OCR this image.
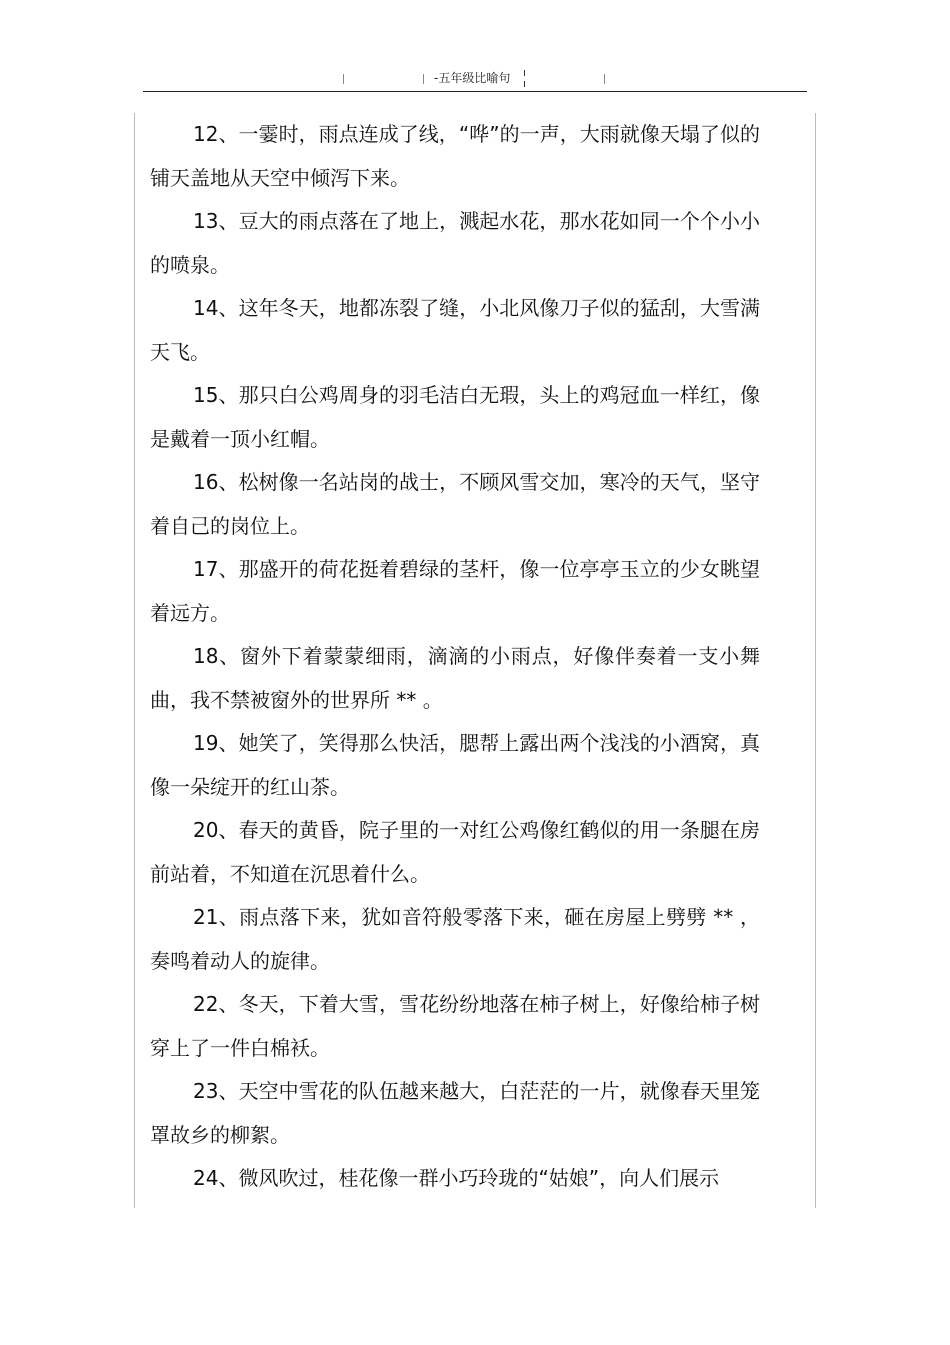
-五年级比喻句

12、一霎时，雨点连成了线，“哗”的一声，大雨就像天塌了似的铺天盖地从天空中倾泻下来。

13、豆大的雨点落在了地上，溅起水花，那水花如同一个个小小的喷泉。

14、这年冬天，地都冻裂了缝，小北风像刀子似的猛刮，大雪满天飞。

15、那只白公鸡周身的羽毛洁白无瑕，头上的鸡冠血一样红，像是戴着一顶小红帽。

16、松树像一名站岗的战士，不顾风雪交加，寒冷的天气，坚守着自己的岗位上。

17、那盛开的荷花挺着碧绿的茎杆，像一位亭亭玉立的少女眺望着远方。

18、窗外下着蒙蒙细雨，滴滴的小雨点，好像伴奏着一支小舞曲，我不禁被窗外的世界所 ** 。

19、她笑了，笑得那么快活，腮帮上露出两个浅浅的小酒窝，真像一朵绽开的红山茶。

20、春天的黄昏，院子里的一对红公鸡像红鹤似的用一条腿在房前站着，不知道在沉思着什么。

21、雨点落下来，犹如音符般零落下来，砸在房屋上劈劈 ** ，奏鸣着动人的旋律。

22、冬天，下着大雪，雪花纷纷地落在柿子树上，好像给柿子树穿上了一件白棉袄。

23、天空中雪花的队伍越来越大，白茫茫的一片，就像春天里笼罩故乡的柳絮。

24、微风吹过，桂花像一群小巧玲珑的“姑娘”，向人们展示
